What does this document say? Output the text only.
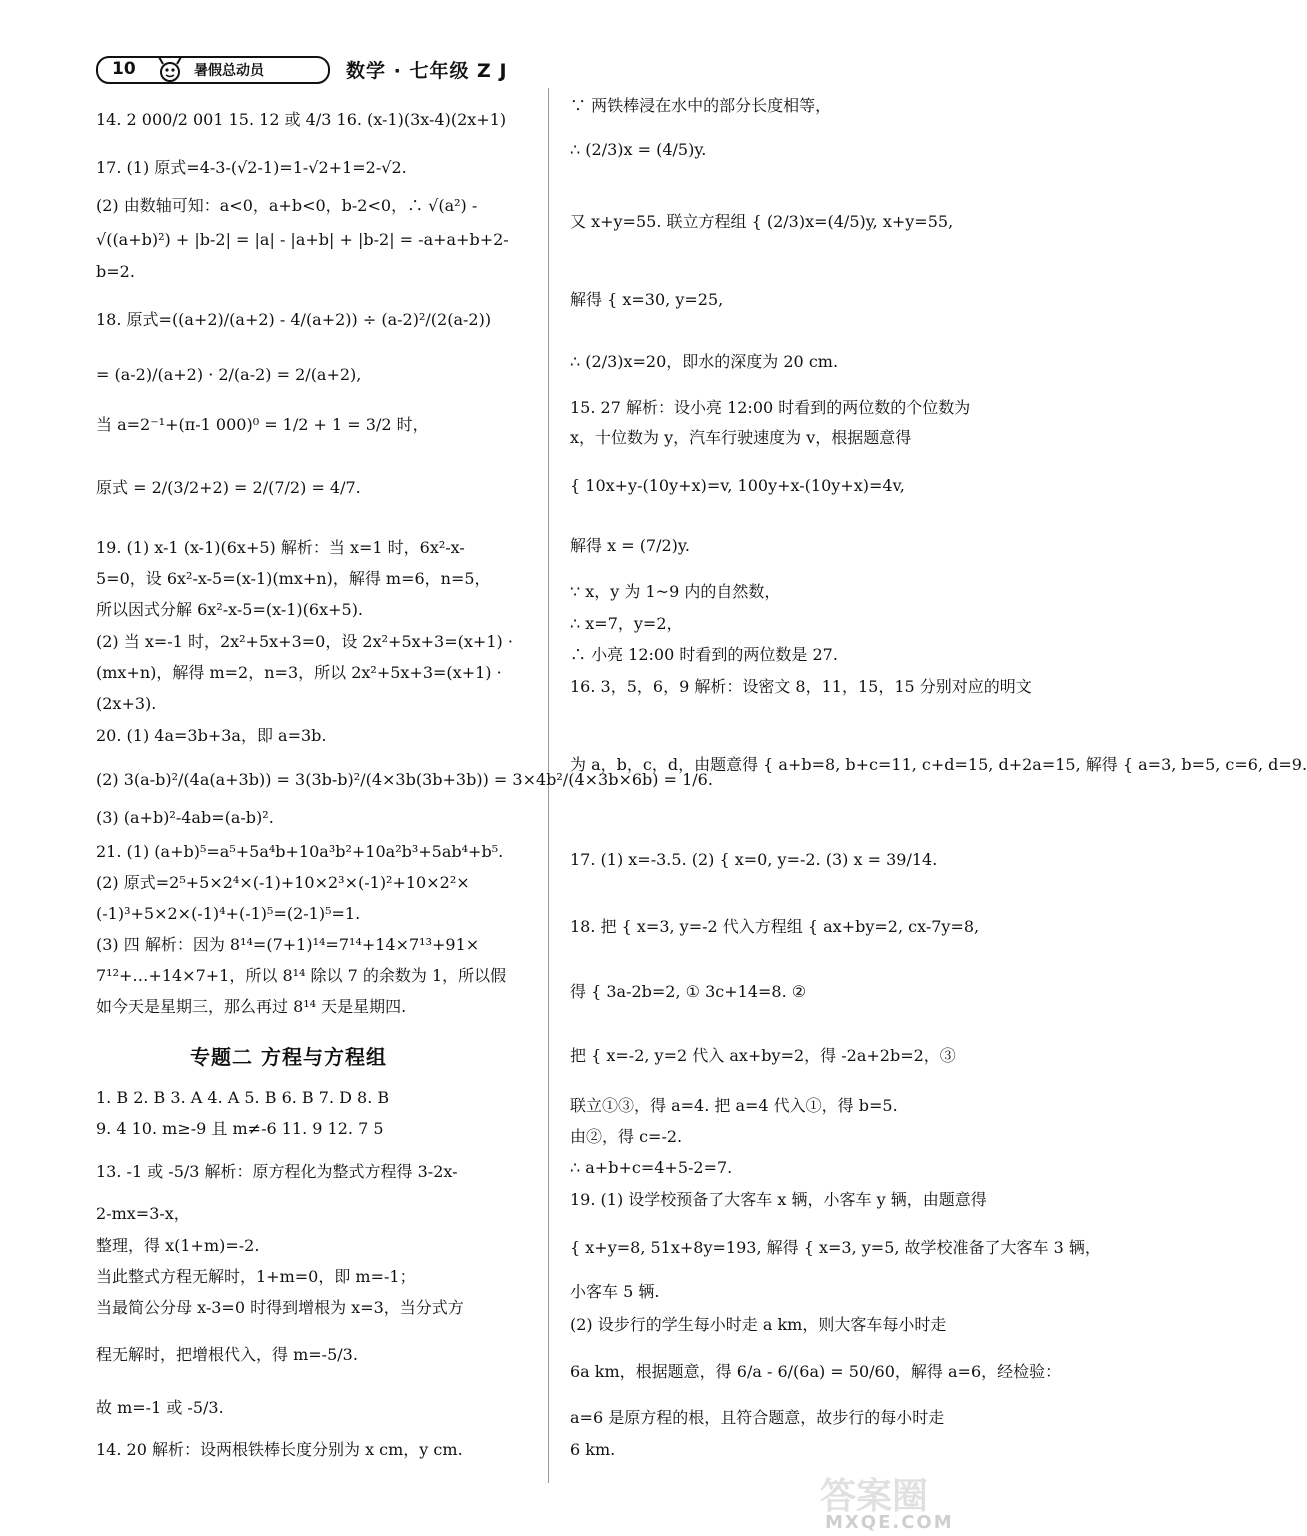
10	暑假总动员	数学 · 七年级 Z J
14. 2 000/2 001 15. 12 或 4/3 16. (x-1)(3x-4)(2x+1)
17. (1) 原式=4-3-(√2-1)=1-√2+1=2-√2.
(2) 由数轴可知：a<0，a+b<0，b-2<0，∴ √(a²) -
√((a+b)²) + |b-2| = |a| - |a+b| + |b-2| = -a+a+b+2-
b=2.
18. 原式=((a+2)/(a+2) - 4/(a+2)) ÷ (a-2)²/(2(a-2))
= (a-2)/(a+2) · 2/(a-2) = 2/(a+2),
当 a=2⁻¹+(π-1 000)⁰ = 1/2 + 1 = 3/2 时，
原式 = 2/(3/2+2) = 2/(7/2) = 4/7.
19. (1) x-1 (x-1)(6x+5) 解析：当 x=1 时，6x²-x-
5=0，设 6x²-x-5=(x-1)(mx+n)，解得 m=6，n=5，
所以因式分解 6x²-x-5=(x-1)(6x+5).
(2) 当 x=-1 时，2x²+5x+3=0，设 2x²+5x+3=(x+1) ·
(mx+n)，解得 m=2，n=3，所以 2x²+5x+3=(x+1) ·
(2x+3).
20. (1) 4a=3b+3a，即 a=3b.
(2) 3(a-b)²/(4a(a+3b)) = 3(3b-b)²/(4×3b(3b+3b)) = 3×4b²/(4×3b×6b) = 1/6.
(3) (a+b)²-4ab=(a-b)².
21. (1) (a+b)⁵=a⁵+5a⁴b+10a³b²+10a²b³+5ab⁴+b⁵.
(2) 原式=2⁵+5×2⁴×(-1)+10×2³×(-1)²+10×2²×
(-1)³+5×2×(-1)⁴+(-1)⁵=(2-1)⁵=1.
(3) 四 解析：因为 8¹⁴=(7+1)¹⁴=7¹⁴+14×7¹³+91×
7¹²+…+14×7+1，所以 8¹⁴ 除以 7 的余数为 1，所以假
如今天是星期三，那么再过 8¹⁴ 天是星期四.
1. B 2. B 3. A 4. A 5. B 6. B 7. D 8. B
9. 4 10. m≥-9 且 m≠-6 11. 9 12. 7 5
13. -1 或 -5/3 解析：原方程化为整式方程得 3-2x-
2-mx=3-x，
整理，得 x(1+m)=-2.
当此整式方程无解时，1+m=0，即 m=-1；
当最简公分母 x-3=0 时得到增根为 x=3，当分式方
程无解时，把增根代入，得 m=-5/3.
故 m=-1 或 -5/3.
14. 20 解析：设两根铁棒长度分别为 x cm，y cm.
专题二 方程与方程组
∵ 两铁棒浸在水中的部分长度相等，
∴ (2/3)x = (4/5)y.
又 x+y=55. 联立方程组 { (2/3)x=(4/5)y, x+y=55,
解得 { x=30, y=25,
∴ (2/3)x=20，即水的深度为 20 cm.
15. 27 解析：设小亮 12:00 时看到的两位数的个位数为
x，十位数为 y，汽车行驶速度为 v，根据题意得
{ 10x+y-(10y+x)=v, 100y+x-(10y+x)=4v,
解得 x = (7/2)y.
∵ x，y 为 1~9 内的自然数，
∴ x=7，y=2，
∴ 小亮 12:00 时看到的两位数是 27.
16. 3，5，6，9 解析：设密文 8，11，15，15 分别对应的明文
为 a，b，c，d，由题意得 { a+b=8, b+c=11, c+d=15, d+2a=15, 解得 { a=3, b=5, c=6, d=9.
17. (1) x=-3.5. (2) { x=0, y=-2. (3) x = 39/14.
18. 把 { x=3, y=-2 代入方程组 { ax+by=2, cx-7y=8,
得 { 3a-2b=2, ① 3c+14=8. ②
把 { x=-2, y=2 代入 ax+by=2，得 -2a+2b=2，③
联立①③，得 a=4. 把 a=4 代入①，得 b=5.
由②，得 c=-2.
∴ a+b+c=4+5-2=7.
19. (1) 设学校预备了大客车 x 辆，小客车 y 辆，由题意得
{ x+y=8, 51x+8y=193, 解得 { x=3, y=5, 故学校准备了大客车 3 辆，
小客车 5 辆.
(2) 设步行的学生每小时走 a km，则大客车每小时走
6a km，根据题意，得 6/a - 6/(6a) = 50/60，解得 a=6，经检验：
a=6 是原方程的根，且符合题意，故步行的每小时走
6 km.
答案圈
MXQE.COM
